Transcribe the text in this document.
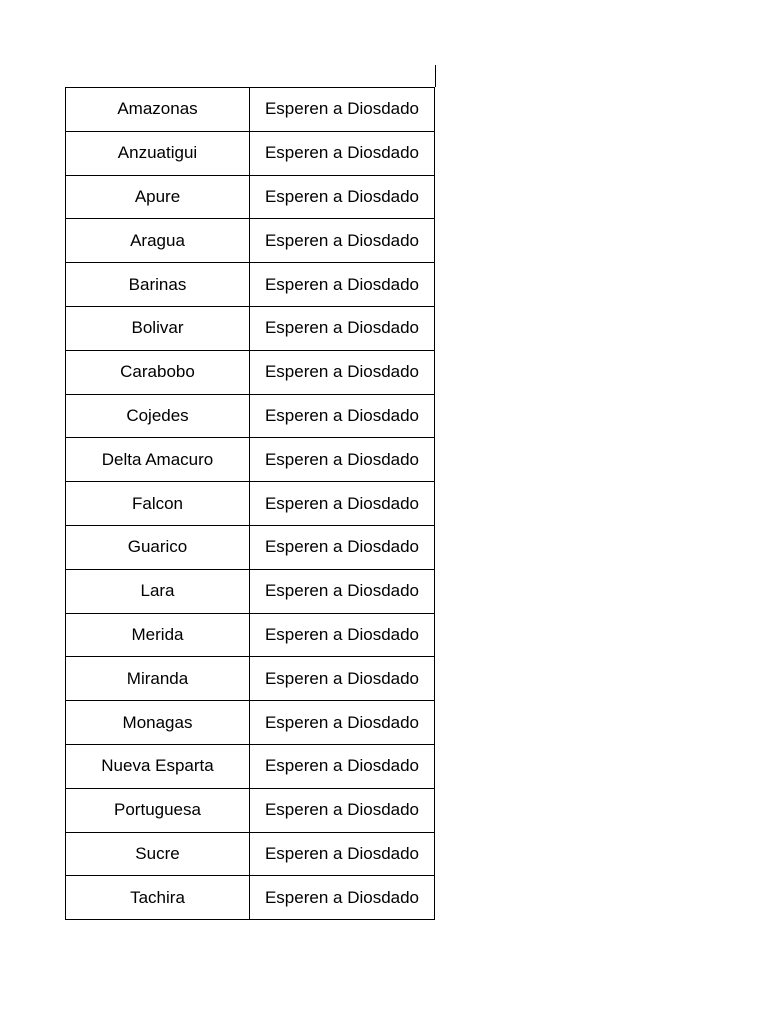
Amazonas	Esperen a Diosdado
Anzuatigui	Esperen a Diosdado
Apure	Esperen a Diosdado
Aragua	Esperen a Diosdado
Barinas	Esperen a Diosdado
Bolivar	Esperen a Diosdado
Carabobo	Esperen a Diosdado
Cojedes	Esperen a Diosdado
Delta Amacuro	Esperen a Diosdado
Falcon	Esperen a Diosdado
Guarico	Esperen a Diosdado
Lara	Esperen a Diosdado
Merida	Esperen a Diosdado
Miranda	Esperen a Diosdado
Monagas	Esperen a Diosdado
Nueva Esparta	Esperen a Diosdado
Portuguesa	Esperen a Diosdado
Sucre	Esperen a Diosdado
Tachira	Esperen a Diosdado
